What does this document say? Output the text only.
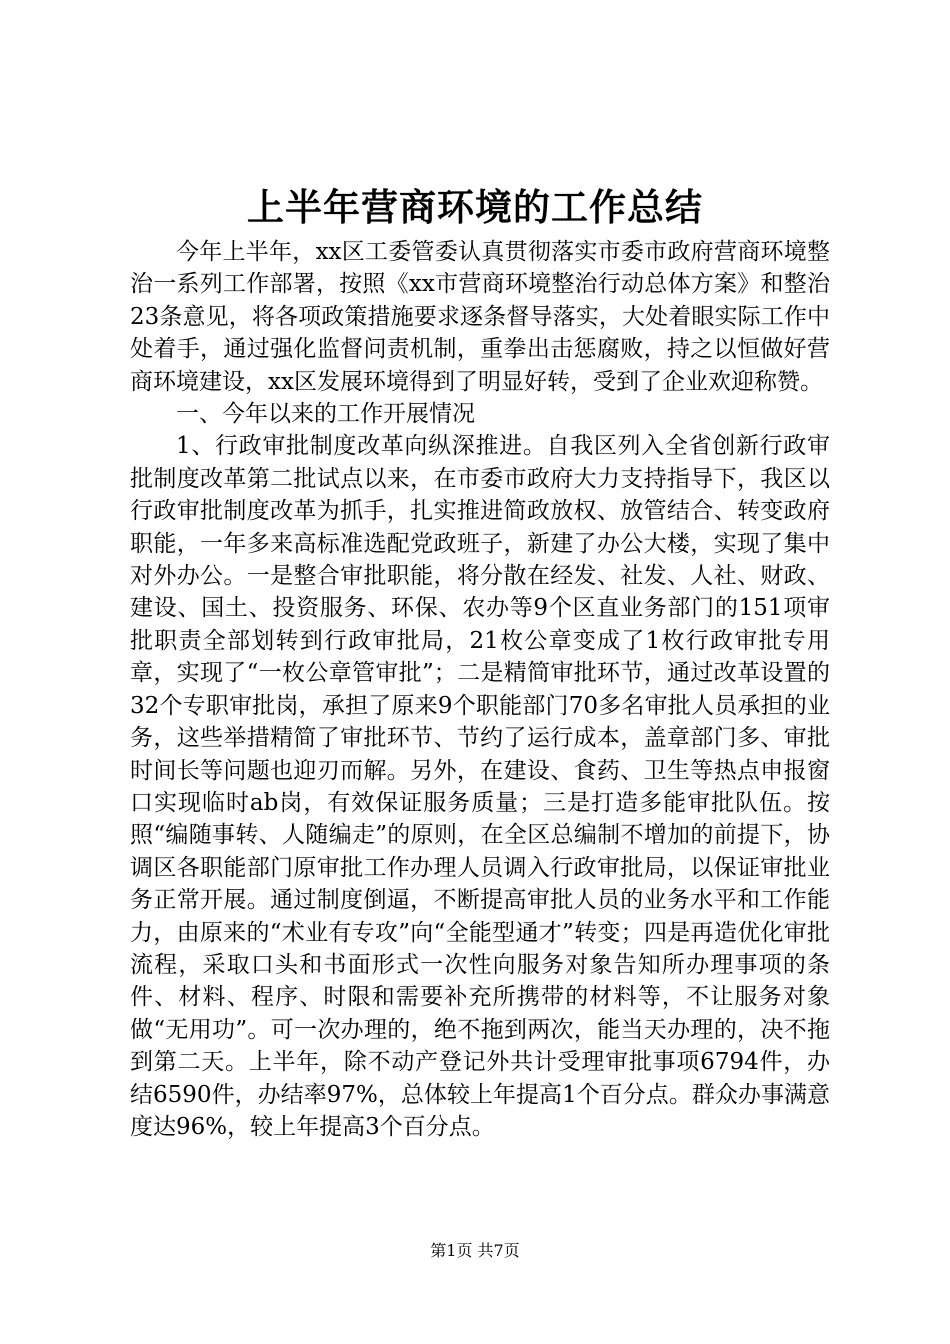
上半年营商环境的工作总结

今年上半年，xx区工委管委认真贯彻落实市委市政府营商环境整治一系列工作部署，按照《xx市营商环境整治行动总体方案》和整治23条意见，将各项政策措施要求逐条督导落实，大处着眼实际工作中处着手，通过强化监督问责机制，重拳出击惩腐败，持之以恒做好营商环境建设，xx区发展环境得到了明显好转，受到了企业欢迎称赞。

一、今年以来的工作开展情况

1、行政审批制度改革向纵深推进。自我区列入全省创新行政审批制度改革第二批试点以来，在市委市政府大力支持指导下，我区以行政审批制度改革为抓手，扎实推进简政放权、放管结合、转变政府职能，一年多来高标准选配党政班子，新建了办公大楼，实现了集中对外办公。一是整合审批职能，将分散在经发、社发、人社、财政、建设、国土、投资服务、环保、农办等9个区直业务部门的151项审批职责全部划转到行政审批局，21枚公章变成了1枚行政审批专用章，实现了“一枚公章管审批”；二是精简审批环节，通过改革设置的32个专职审批岗，承担了原来9个职能部门70多名审批人员承担的业务，这些举措精简了审批环节、节约了运行成本，盖章部门多、审批时间长等问题也迎刃而解。另外，在建设、食药、卫生等热点申报窗口实现临时ab岗，有效保证服务质量；三是打造多能审批队伍。按照“编随事转、人随编走”的原则，在全区总编制不增加的前提下，协调区各职能部门原审批工作办理人员调入行政审批局，以保证审批业务正常开展。通过制度倒逼，不断提高审批人员的业务水平和工作能力，由原来的“术业有专攻”向“全能型通才”转变；四是再造优化审批流程，采取口头和书面形式一次性向服务对象告知所办理事项的条件、材料、程序、时限和需要补充所携带的材料等，不让服务对象做“无用功”。可一次办理的，绝不拖到两次，能当天办理的，决不拖到第二天。上半年，除不动产登记外共计受理审批事项6794件，办结6590件，办结率97%，总体较上年提高1个百分点。群众办事满意度达96%，较上年提高3个百分点。

第1页 共7页
